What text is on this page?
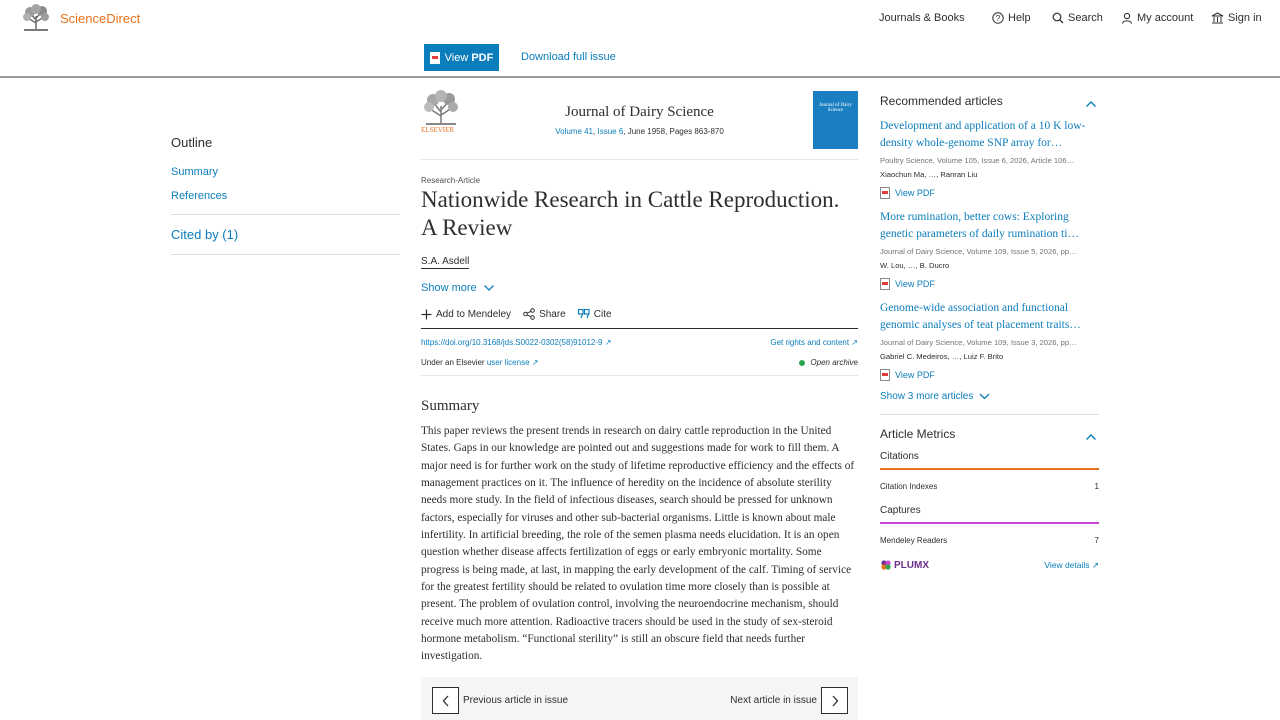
ScienceDirect	Journals & Books	? Help	Search	My account	Sign in
View PDF	Download full issue
Outline
Summary
References
Cited by (1)
ELSEVIER
Journal of Dairy Science
Volume 41, Issue 6, June 1958, Pages 863-870
Journal of Dairy Science
Research-Article
Nationwide Research in Cattle Reproduction. A Review
S.A. Asdell
Show more
Add to Mendeley	Share	Cite
https://doi.org/10.3168/jds.S0022-0302(58)91012-9 ↗	Get rights and content ↗
Under an Elsevier user license ↗	Open archive
Summary

This paper reviews the present trends in research on dairy cattle reproduction in the United States. Gaps in our knowledge are pointed out and suggestions made for work to fill them. A major need is for further work on the study of lifetime reproductive efficiency and the effects of management practices on it. The influence of heredity on the incidence of absolute sterility needs more study. In the field of infectious diseases, search should be pressed for unknown factors, especially for viruses and other sub-bacterial organisms. Little is known about male infertility. In artificial breeding, the role of the semen plasma needs elucidation. It is an open question whether disease affects fertilization of eggs or early embryonic mortality. Some progress is being made, at last, in mapping the early development of the calf. Timing of service for the greatest fertility should be related to ovulation time more closely than is possible at present. The problem of ovulation control, involving the neuroendocrine mechanism, should receive much more attention. Radioactive tracers should be used in the study of sex-steroid hormone metabolism. “Functional sterility” is still an obscure field that needs further investigation.

Previous article in issue	Next article in issue
Recommended articles
Development and application of a 10 K low-density whole-genome SNP array for…
Poultry Science, Volume 105, Issue 6, 2026, Article 106…
Xiaochun Ma, …, Ranran Liu
View PDF
More rumination, better cows: Exploring genetic parameters of daily rumination ti…
Journal of Dairy Science, Volume 109, Issue 5, 2026, pp…
W. Lou, …, B. Ducro
View PDF
Genome-wide association and functional genomic analyses of teat placement traits…
Journal of Dairy Science, Volume 109, Issue 3, 2026, pp…
Gabriel C. Medeiros, …, Luiz F. Brito
View PDF
Show 3 more articles
Article Metrics
Citations
Citation Indexes	1
Captures
Mendeley Readers	7
PLUMX	View details ↗
